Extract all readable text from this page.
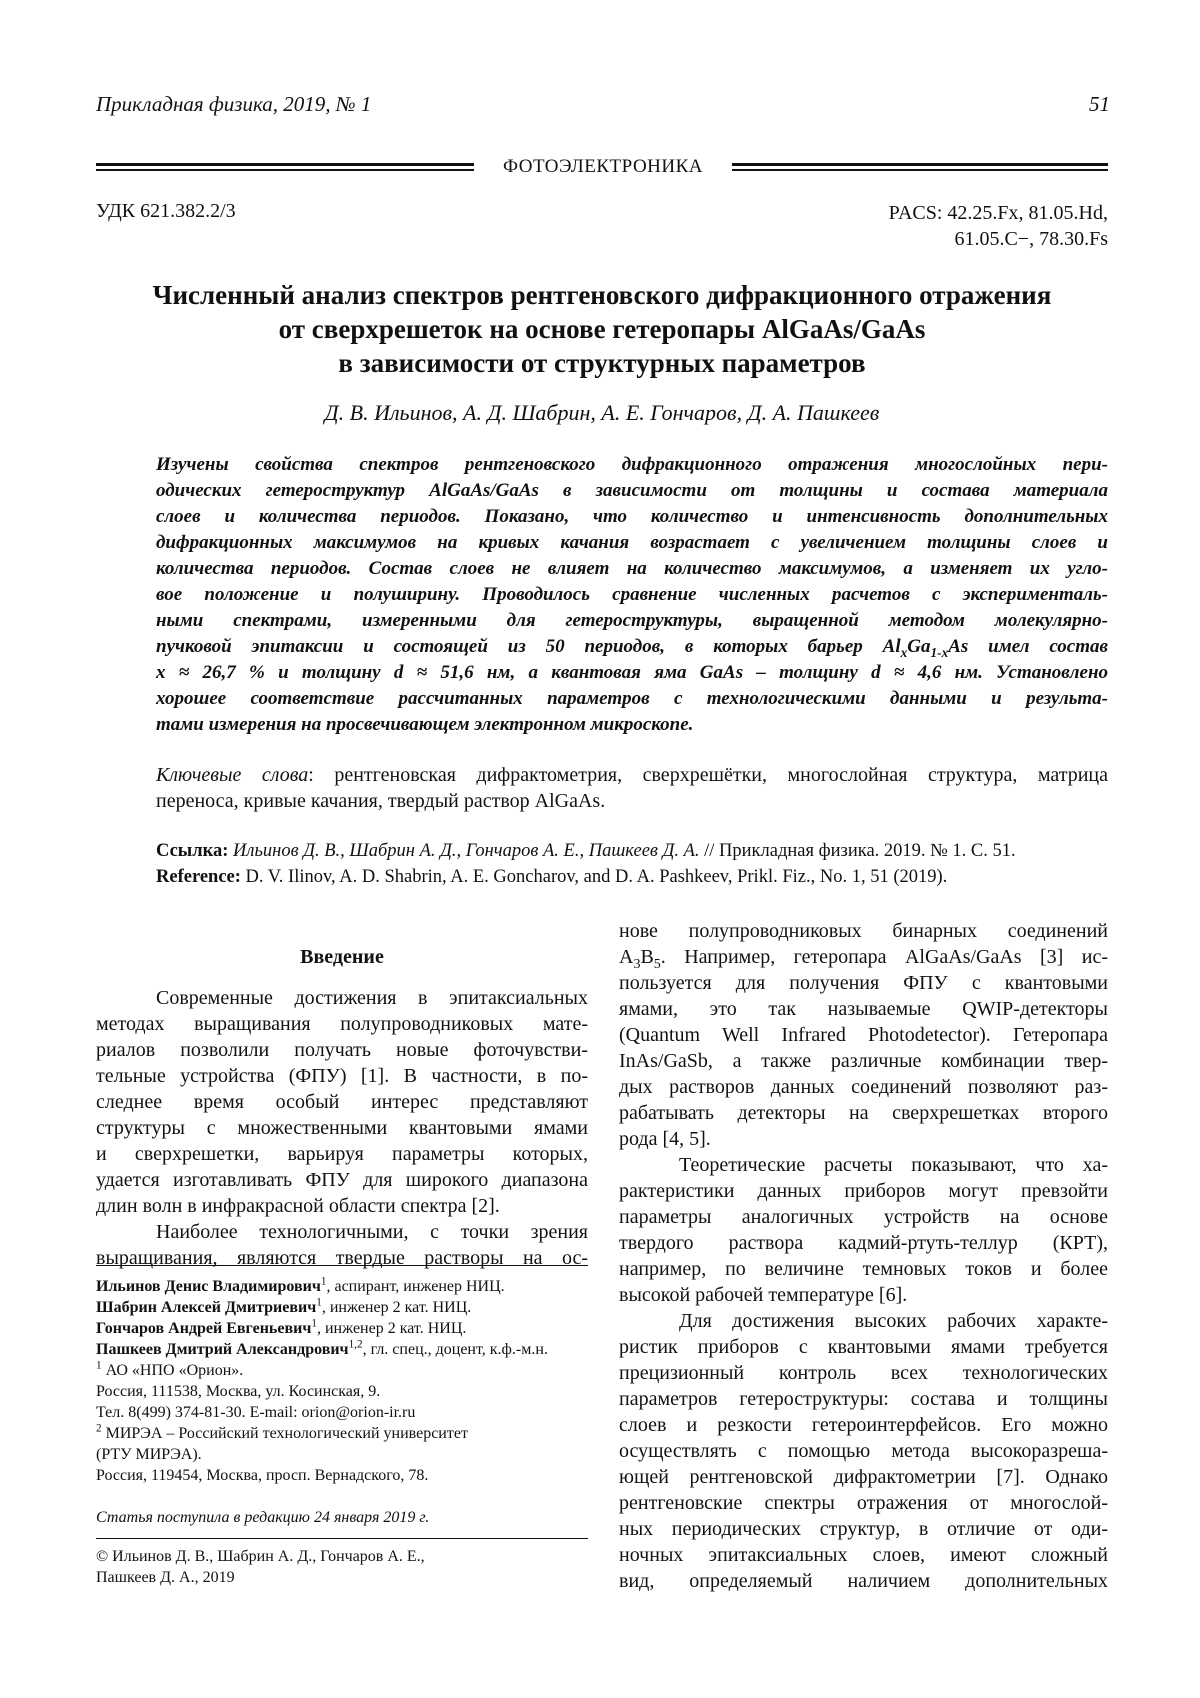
Прикладная физика, 2019, № 1	51
ФОТОЭЛЕКТРОНИКА
УДК 621.382.2/3	PACS: 42.25.Fx, 81.05.Hd,
61.05.C−, 78.30.Fs
Численный анализ спектров рентгеновского дифракционного отражения
от сверхрешеток на основе гетеропары AlGaAs/GaAs
в зависимости от структурных параметров
Д. В. Ильинов, А. Д. Шабрин, А. Е. Гончаров, Д. А. Пашкеев
Изучены свойства спектров рентгеновского дифракционного отражения многослойных пери-
одических гетероструктур AlGaAs/GaAs в зависимости от толщины и состава материала
слоев и количества периодов. Показано, что количество и интенсивность дополнительных
дифракционных максимумов на кривых качания возрастает с увеличением толщины слоев и
количества периодов. Состав слоев не влияет на количество максимумов, а изменяет их угло-
вое положение и полуширину. Проводилось сравнение численных расчетов с эксперименталь-
ными спектрами, измеренными для гетероструктуры, выращенной методом молекулярно-
пучковой эпитаксии и состоящей из 50 периодов, в которых барьер AlxGa1-xAs имел состав
x ≈ 26,7 % и толщину d ≈ 51,6 нм, а квантовая яма GaAs – толщину d ≈ 4,6 нм. Установлено
хорошее соответствие рассчитанных параметров с технологическими данными и результа-
тами измерения на просвечивающем электронном микроскопе.
Ключевые слова: рентгеновская дифрактометрия, сверхрешётки, многослойная структура, матрица
переноса, кривые качания, твердый раствор AlGaAs.
Ссылка: Ильинов Д. В., Шабрин А. Д., Гончаров А. Е., Пашкеев Д. А. // Прикладная физика. 2019. № 1. С. 51.
Reference: D. V. Ilinov, A. D. Shabrin, A. E. Goncharov, and D. A. Pashkeev, Prikl. Fiz., No. 1, 51 (2019).
Введение
Современные достижения в эпитаксиальных
методах выращивания полупроводниковых мате-
риалов позволили получать новые фоточувстви-
тельные устройства (ФПУ) [1]. В частности, в по-
следнее время особый интерес представляют
структуры с множественными квантовыми ямами
и сверхрешетки, варьируя параметры которых,
удается изготавливать ФПУ для широкого диапазона
длин волн в инфракрасной области спектра [2].
Наиболее технологичными, с точки зрения
выращивания, являются твердые растворы на ос-
нове полупроводниковых бинарных соединений
A3B5. Например, гетеропара AlGaAs/GaAs [3] ис-
пользуется для получения ФПУ с квантовыми
ямами, это так называемые QWIP-детекторы
(Quantum Well Infrared Photodetector). Гетеропара
InAs/GaSb, а также различные комбинации твер-
дых растворов данных соединений позволяют раз-
рабатывать детекторы на сверхрешетках второго
рода [4, 5].
Теоретические расчеты показывают, что ха-
рактеристики данных приборов могут превзойти
параметры аналогичных устройств на основе
твердого раствора кадмий-ртуть-теллур (КРТ),
например, по величине темновых токов и более
высокой рабочей температуре [6].
Для достижения высоких рабочих характе-
ристик приборов с квантовыми ямами требуется
прецизионный контроль всех технологических
параметров гетероструктуры: состава и толщины
слоев и резкости гетероинтерфейсов. Его можно
осуществлять с помощью метода высокоразреша-
ющей рентгеновской дифрактометрии [7]. Однако
рентгеновские спектры отражения от многослой-
ных периодических структур, в отличие от оди-
ночных эпитаксиальных слоев, имеют сложный
вид, определяемый наличием дополнительных
Ильинов Денис Владимирович1, аспирант, инженер НИЦ.
Шабрин Алексей Дмитриевич1, инженер 2 кат. НИЦ.
Гончаров Андрей Евгеньевич1, инженер 2 кат. НИЦ.
Пашкеев Дмитрий Александрович1,2, гл. спец., доцент, к.ф.-м.н.
1 АО «НПО «Орион».
Россия, 111538, Москва, ул. Косинская, 9.
Тел. 8(499) 374-81-30. E-mail: orion@orion-ir.ru
2 МИРЭА – Российский технологический университет
(РТУ МИРЭА).
Россия, 119454, Москва, просп. Вернадского, 78.
Статья поступила в редакцию 24 января 2019 г.
© Ильинов Д. В., Шабрин А. Д., Гончаров А. Е.,
Пашкеев Д. А., 2019
